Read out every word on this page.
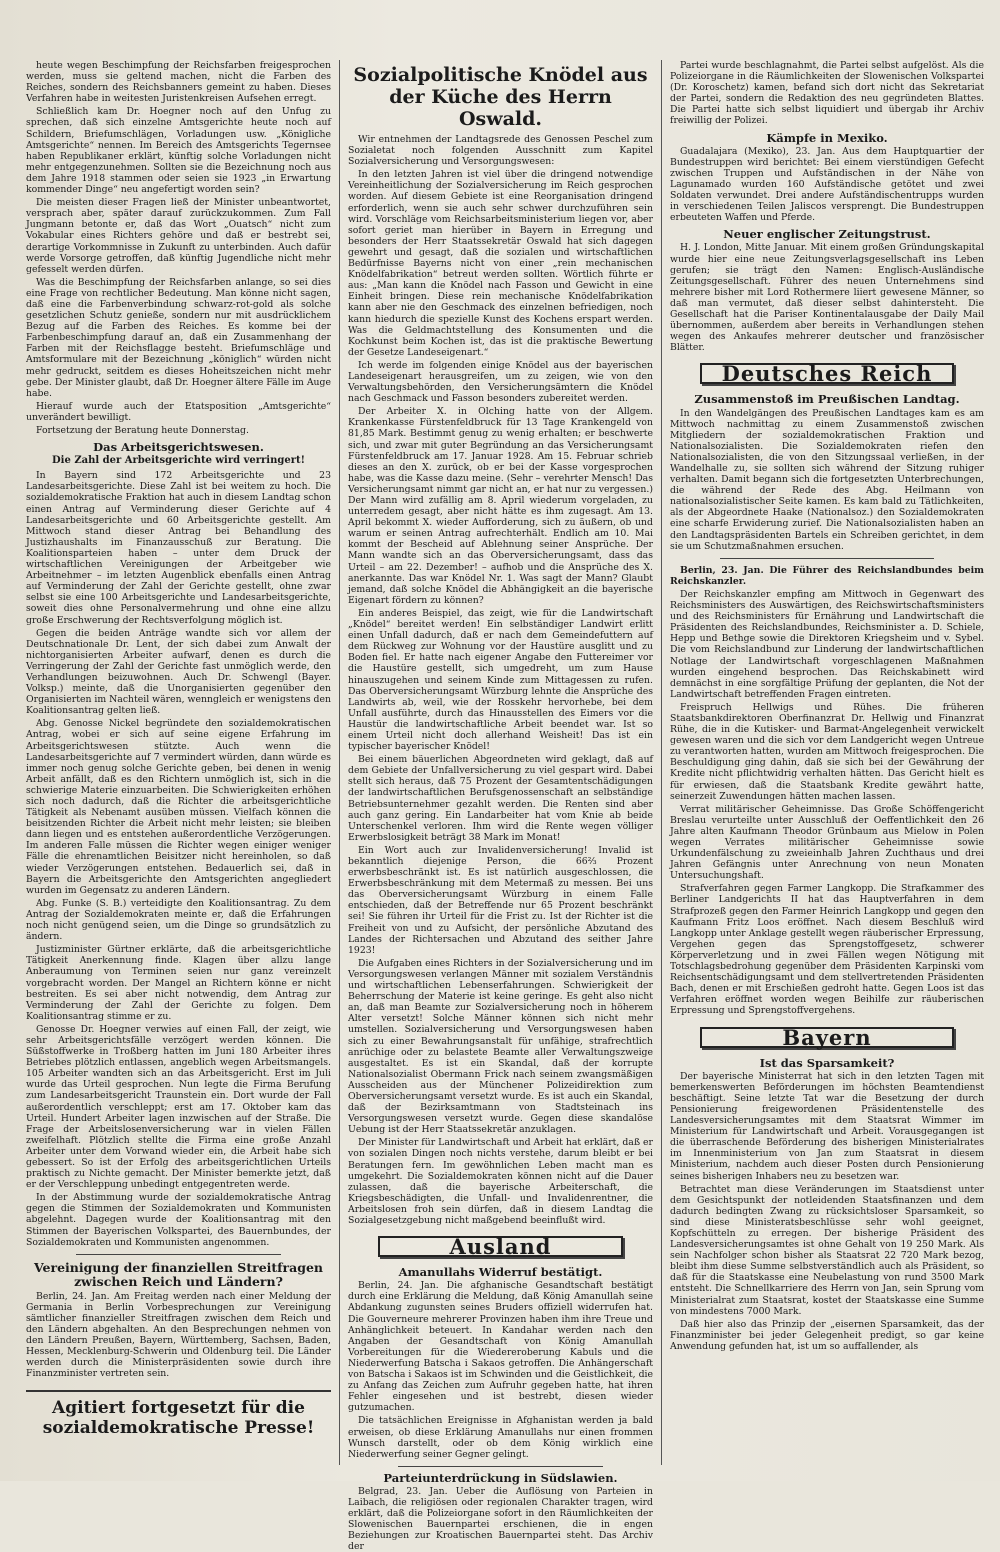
heute wegen Beschimpfung der Reichsfarben freigesprochen werden, muss sie geltend machen, nicht die Farben des Reiches, sondern des Reichsbanners gemeint zu haben. Dieses Verfahren habe in weitesten Juristenkreisen Aufsehen erregt.

Schließlich kam Dr. Hoegner noch auf den Unfug zu sprechen, daß sich einzelne Amtsgerichte heute noch auf Schildern, Briefumschlägen, Vorladungen usw. „Königliche Amtsgerichte“ nennen. Im Bereich des Amtsgerichts Tegernsee haben Republikaner erklärt, künftig solche Vorladungen nicht mehr entgegenzunehmen. Sollten sie die Bezeichnung noch aus dem Jahre 1918 stammen oder seien sie 1923 „in Erwartung kommender Dinge“ neu angefertigt worden sein?

Die meisten dieser Fragen ließ der Minister unbeantwortet, versprach aber, später darauf zurückzukommen. Zum Fall Jungmann betonte er, daß das Wort „Ouatsch“ nicht zum Vokabular eines Richters gehöre und daß er bestrebt sei, derartige Vorkommnisse in Zukunft zu unterbinden. Auch dafür werde Vorsorge getroffen, daß künftig Jugendliche nicht mehr gefesselt werden dürfen.

Was die Beschimpfung der Reichsfarben anlange, so sei dies eine Frage von rechtlicher Bedeutung. Man könne nicht sagen, daß eine die Farbenverbindung schwarz-rot-gold als solche gesetzlichen Schutz genieße, sondern nur mit ausdrücklichem Bezug auf die Farben des Reiches. Es komme bei der Farbenbeschimpfung darauf an, daß ein Zusammenhang der Farben mit der Reichsflagge besteht. Briefumschläge und Amtsformulare mit der Bezeichnung „königlich“ würden nicht mehr gedruckt, seitdem es dieses Hoheitszeichen nicht mehr gebe. Der Minister glaubt, daß Dr. Hoegner ältere Fälle im Auge habe.

Hierauf wurde auch der Etatsposition „Amtsgerichte“ unverändert bewilligt.

Fortsetzung der Beratung heute Donnerstag.

Das Arbeitsgerichtswesen.
Die Zahl der Arbeitsgerichte wird verringert!

In Bayern sind 172 Arbeitsgerichte und 23 Landesarbeitsgerichte. Diese Zahl ist bei weitem zu hoch. Die sozialdemokratische Fraktion hat auch in diesem Landtag schon einen Antrag auf Verminderung dieser Gerichte auf 4 Landesarbeitsgerichte und 60 Arbeitsgerichte gestellt. Am Mittwoch stand dieser Antrag bei Behandlung des Justizhaushalts im Finanzausschuß zur Beratung. Die Koalitionsparteien haben – unter dem Druck der wirtschaftlichen Vereinigungen der Arbeitgeber wie Arbeitnehmer – im letzten Augenblick ebenfalls einen Antrag auf Verminderung der Zahl der Gerichte gestellt, ohne zwar selbst sie eine 100 Arbeitsgerichte und Landesarbeitsgerichte, soweit dies ohne Personalvermehrung und ohne eine allzu große Erschwerung der Rechtsverfolgung möglich ist.

Gegen die beiden Anträge wandte sich vor allem der Deutschnationale Dr. Lent, der sich dabei zum Anwalt der nichtorganisierten Arbeiter aufwarf, denen es durch die Verringerung der Zahl der Gerichte fast unmöglich werde, den Verhandlungen beizuwohnen. Auch Dr. Schwengl (Bayer. Volksp.) meinte, daß die Unorganisierten gegenüber den Organisierten im Nachteil wären, wenngleich er wenigstens den Koalitionsantrag gelten ließ.

Abg. Genosse Nickel begründete den sozialdemokratischen Antrag, wobei er sich auf seine eigene Erfahrung im Arbeitsgerichtswesen stützte. Auch wenn die Landesarbeitsgerichte auf 7 vermindert würden, dann würde es immer noch genug solche Gerichte geben, bei denen in wenig Arbeit anfällt, daß es den Richtern unmöglich ist, sich in die schwierige Materie einzuarbeiten. Die Schwierigkeiten erhöhen sich noch dadurch, daß die Richter die arbeitsgerichtliche Tätigkeit als Nebenamt ausüben müssen. Vielfach können die beisitzenden Richter die Arbeit nicht mehr leisten; sie bleiben dann liegen und es entstehen außerordentliche Verzögerungen. Im anderen Falle müssen die Richter wegen einiger weniger Fälle die ehrenamtlichen Beisitzer nicht hereinholen, so daß wieder Verzögerungen entstehen. Bedauerlich sei, daß in Bayern die Arbeitsgerichte den Amtsgerichten angegliedert wurden im Gegensatz zu anderen Ländern.

Abg. Funke (S. B.) verteidigte den Koalitionsantrag. Zu dem Antrag der Sozialdemokraten meinte er, daß die Erfahrungen noch nicht genügend seien, um die Dinge so grundsätzlich zu ändern.

Justizminister Gürtner erklärte, daß die arbeitsgerichtliche Tätigkeit Anerkennung finde. Klagen über allzu lange Anberaumung von Terminen seien nur ganz vereinzelt vorgebracht worden. Der Mangel an Richtern könne er nicht bestreiten. Es sei aber nicht notwendig, dem Antrag zur Verminderung der Zahl der Gerichte zu folgen. Dem Koalitionsantrag stimme er zu.

Genosse Dr. Hoegner verwies auf einen Fall, der zeigt, wie sehr Arbeitsgerichtsfälle verzögert werden können. Die Süßstoffwerke in Troßberg hatten im Juni 180 Arbeiter ihres Betriebes plötzlich entlassen, angeblich wegen Arbeitsmangels. 105 Arbeiter wandten sich an das Arbeitsgericht. Erst im Juli wurde das Urteil gesprochen. Nun legte die Firma Berufung zum Landesarbeitsgericht Traunstein ein. Dort wurde der Fall außerordentlich verschleppt; erst am 17. Oktober kam das Urteil. Hundert Arbeiter lagen inzwischen auf der Straße. Die Frage der Arbeitslosenversicherung war in vielen Fällen zweifelhaft. Plötzlich stellte die Firma eine große Anzahl Arbeiter unter dem Vorwand wieder ein, die Arbeit habe sich gebessert. So ist der Erfolg des arbeitsgerichtlichen Urteils praktisch zu Nichte gemacht. Der Minister bemerkte jetzt, daß er der Verschleppung unbedingt entgegentreten werde.

In der Abstimmung wurde der sozialdemokratische Antrag gegen die Stimmen der Sozialdemokraten und Kommunisten abgelehnt. Dagegen wurde der Koalitionsantrag mit den Stimmen der Bayerischen Volkspartei, des Bauernbundes, der Sozialdemokraten und Kommunisten angenommen.

Vereinigung der finanziellen Streitfragen zwischen Reich und Ländern?

Berlin, 24. Jan. Am Freitag werden nach einer Meldung der Germania in Berlin Vorbesprechungen zur Vereinigung sämtlicher finanzieller Streitfragen zwischen dem Reich und den Ländern abgehalten. An den Besprechungen nehmen von den Ländern Preußen, Bayern, Württemberg, Sachsen, Baden, Hessen, Mecklenburg-Schwerin und Oldenburg teil. Die Länder werden durch die Ministerpräsidenten sowie durch ihre Finanzminister vertreten sein.

Agitiert fortgesetzt für die sozialdemokratische Presse!
Sozialpolitische Knödel aus der Küche des Herrn Oswald.

Wir entnehmen der Landtagsrede des Genossen Peschel zum Sozialetat noch folgenden Ausschnitt zum Kapitel Sozialversicherung und Versorgungswesen:

In den letzten Jahren ist viel über die dringend notwendige Vereinheitlichung der Sozialversicherung im Reich gesprochen worden. Auf diesem Gebiete ist eine Reorganisation dringend erforderlich, wenn sie auch sehr schwer durchzuführen sein wird. Vorschläge vom Reichsarbeitsministerium liegen vor, aber sofort geriet man hierüber in Bayern in Erregung und besonders der Herr Staatssekretär Oswald hat sich dagegen gewehrt und gesagt, daß die sozialen und wirtschaftlichen Bedürfnisse Bayerns nicht von einer „rein mechanischen Knödelfabrikation“ betreut werden sollten. Wörtlich führte er aus: „Man kann die Knödel nach Fasson und Gewicht in eine Einheit bringen. Diese rein mechanische Knödelfabrikation kann aber nie den Geschmack des einzelnen befriedigen, noch kann hiedurch die spezielle Kunst des Kochens erspart werden. Was die Geldmachtstellung des Konsumenten und die Kochkunst beim Kochen ist, das ist die praktische Bewertung der Gesetze Landeseigenart.“

Ich werde im folgenden einige Knödel aus der bayerischen Landeseigenart herausgreifen, um zu zeigen, wie von den Verwaltungsbehörden, den Versicherungsämtern die Knödel nach Geschmack und Fasson besonders zubereitet werden.

Der Arbeiter X. in Olching hatte von der Allgem. Krankenkasse Fürstenfeldbruck für 13 Tage Krankengeld von 81,85 Mark. Bestimmt genug zu wenig erhalten; er beschwerte sich, und zwar mit guter Begründung an das Versicherungsamt Fürstenfeldbruck am 17. Januar 1928. Am 15. Februar schrieb dieses an den X. zurück, ob er bei der Kasse vorgesprochen habe, was die Kasse dazu meine. (Sehr – verehrter Mensch! Das Versicherungsamt nimmt gar nicht an, er hat nur zu vergessen.) Der Mann wird zufällig am 8. April wiederum vorgeladen, zu unterredem gesagt, aber nicht hätte es ihm zugesagt. Am 13. April bekommt X. wieder Aufforderung, sich zu äußern, ob und warum er seinen Antrag aufrechterhält. Endlich am 10. Mai kommt der Bescheid auf Ablehnung seiner Ansprüche. Der Mann wandte sich an das Oberversicherungsamt, dass das Urteil – am 22. Dezember! – aufhob und die Ansprüche des X. anerkannte. Das war Knödel Nr. 1. Was sagt der Mann? Glaubt jemand, daß solche Knödel die Abhängigkeit an die bayerische Eigenart fördern zu können?

Ein anderes Beispiel, das zeigt, wie für die Landwirtschaft „Knödel“ bereitet werden! Ein selbständiger Landwirt erlitt einen Unfall dadurch, daß er nach dem Gemeindefuttern auf dem Rückweg zur Wohnung vor der Haustüre ausglitt und zu Boden fiel. Er hatte nach eigener Angabe den Futtereimer vor die Haustüre gestellt, sich umgedreht, um zum Hause hinauszugehen und seinem Kinde zum Mittagessen zu rufen. Das Oberversicherungsamt Würzburg lehnte die Ansprüche des Landwirts ab, weil, wie der Rosskehr hervorhebe, bei dem Unfall ausführte, durch das Hinausstellen des Eimers vor die Haustür die landwirtschaftliche Arbeit beendet war. Ist so einem Urteil nicht doch allerhand Weisheit! Das ist ein typischer bayerischer Knödel!

Bei einem bäuerlichen Abgeordneten wird geklagt, daß auf dem Gebiete der Unfallversicherung zu viel gespart wird. Dabei stellt sich heraus, daß 75 Prozent der Gesamtentschädigungen der landwirtschaftlichen Berufsgenossenschaft an selbständige Betriebsunternehmer gezahlt werden. Die Renten sind aber auch ganz gering. Ein Landarbeiter hat vom Knie ab beide Unterschenkel verloren. Ihm wird die Rente wegen völliger Erwerbslosigkeit beträgt 38 Mark im Monat!

Ein Wort auch zur Invalidenversicherung! Invalid ist bekanntlich diejenige Person, die 66⅔ Prozent erwerbsbeschränkt ist. Es ist natürlich ausgeschlossen, die Erwerbsbeschränkung mit dem Metermaß zu messen. Bei uns das Oberversicherungsamt Würzburg in einem Falle entschieden, daß der Betreffende nur 65 Prozent beschränkt sei! Sie führen ihr Urteil für die Frist zu. Ist der Richter ist die Freiheit von und zu Aufsicht, der persönliche Abzutand des Landes der Richtersachen und Abzutand des seither Jahre 1923!

Die Aufgaben eines Richters in der Sozialversicherung und im Versorgungswesen verlangen Männer mit sozialem Verständnis und wirtschaftlichen Lebenserfahrungen. Schwierigkeit der Beherrschung der Materie ist keine geringe. Es geht also nicht an, daß man Beamte zur Sozialversicherung noch in höherem Alter versetzt! Solche Männer können sich nicht mehr umstellen. Sozialversicherung und Versorgungswesen haben sich zu einer Bewahrungsanstalt für unfähige, strafrechtlich anrüchige oder zu belastete Beamte aller Verwaltungszweige ausgestaltet. Es ist ein Skandal, daß der korrupte Nationalsozialist Obermann Frick nach seinem zwangsmäßigen Ausscheiden aus der Münchener Polizeidirektion zum Oberversicherungsamt versetzt wurde. Es ist auch ein Skandal, daß der Bezirksamtmann von Stadtsteinach ins Versorgungswesen versetzt wurde. Gegen diese skandalöse Uebung ist der Herr Staatssekretär anzuklagen.

Der Minister für Landwirtschaft und Arbeit hat erklärt, daß er von sozialen Dingen noch nichts verstehe, darum bleibt er bei Beratungen fern. Im gewöhnlichen Leben macht man es umgekehrt. Die Sozialdemokraten können nicht auf die Dauer zulassen, daß die bayerische Arbeiterschaft, die Kriegsbeschädigten, die Unfall- und Invalidenrentner, die Arbeitslosen froh sein dürfen, daß in diesem Landtag die Sozialgesetzgebung nicht maßgebend beeinflußt wird.

Ausland
Amanullahs Widerruf bestätigt.

Berlin, 24. Jan. Die afghanische Gesandtschaft bestätigt durch eine Erklärung die Meldung, daß König Amanullah seine Abdankung zugunsten seines Bruders offiziell widerrufen hat. Die Gouverneure mehrerer Provinzen haben ihm ihre Treue und Anhänglichkeit beteuert. In Kandahar werden nach den Angaben der Gesandtschaft von König Amanullah Vorbereitungen für die Wiedereroberung Kabuls und die Niederwerfung Batscha i Sakaos getroffen. Die Anhängerschaft von Batscha i Sakaos ist im Schwinden und die Geistlichkeit, die zu Anfang das Zeichen zum Aufruhr gegeben hatte, hat ihren Fehler eingesehen und ist bestrebt, diesen wieder gutzumachen.

Die tatsächlichen Ereignisse in Afghanistan werden ja bald erweisen, ob diese Erklärung Amanullahs nur einen frommen Wunsch darstellt, oder ob dem König wirklich eine Niederwerfung seiner Gegner gelingt.

Parteiunterdrückung in Südslawien.

Belgrad, 23. Jan. Ueber die Auflösung von Parteien in Laibach, die religiösen oder regionalen Charakter tragen, wird erklärt, daß die Polizeiorgane sofort in den Räumlichkeiten der Slowenischen Bauernpartei erschienen, die in engen Beziehungen zur Kroatischen Bauernpartei steht. Das Archiv der

Partei wurde beschlagnahmt, die Partei selbst aufgelöst. Als die Polizeiorgane in die Räumlichkeiten der Slowenischen Volkspartei (Dr. Koroschetz) kamen, befand sich dort nicht das Sekretariat der Partei, sondern die Redaktion des neu gegründeten Blattes. Die Partei hatte sich selbst liquidiert und übergab ihr Archiv freiwillig der Polizei.

Kämpfe in Mexiko.

Guadalajara (Mexiko), 23. Jan. Aus dem Hauptquartier der Bundestruppen wird berichtet: Bei einem vierstündigen Gefecht zwischen Truppen und Aufständischen in der Nähe von Lagunamado wurden 160 Aufständische getötet und zwei Soldaten verwundet. Drei andere Aufständischentrupps wurden in verschiedenen Teilen Jaliscos versprengt. Die Bundestruppen erbeuteten Waffen und Pferde.

Neuer englischer Zeitungstrust.

H. J. London, Mitte Januar. Mit einem großen Gründungskapital wurde hier eine neue Zeitungsverlagsgesellschaft ins Leben gerufen; sie trägt den Namen: Englisch-Ausländische Zeitungsgesellschaft. Führer des neuen Unternehmens sind mehrere bisher mit Lord Rothermere liiert gewesene Männer, so daß man vermutet, daß dieser selbst dahintersteht. Die Gesellschaft hat die Pariser Kontinentalausgabe der Daily Mail übernommen, außerdem aber bereits in Verhandlungen stehen wegen des Ankaufes mehrerer deutscher und französischer Blätter.

Deutsches Reich
Zusammenstoß im Preußischen Landtag.

In den Wandelgängen des Preußischen Landtages kam es am Mittwoch nachmittag zu einem Zusammenstoß zwischen Mitgliedern der sozialdemokratischen Fraktion und Nationalsozialisten. Die Sozialdemokraten riefen den Nationalsozialisten, die von den Sitzungssaal verließen, in der Wandelhalle zu, sie sollten sich während der Sitzung ruhiger verhalten. Damit begann sich die fortgesetzten Unterbrechungen, die während der Rede des Abg. Heilmann von nationalsozialistischer Seite kamen. Es kam bald zu Tätlichkeiten, als der Abgeordnete Haake (Nationalsoz.) den Sozialdemokraten eine scharfe Erwiderung zurief. Die Nationalsozialisten haben an den Landtagspräsidenten Bartels ein Schreiben gerichtet, in dem sie um Schutzmaßnahmen ersuchen.

Berlin, 23. Jan. Die Führer des Reichslandbundes beim Reichskanzler.

Der Reichskanzler empfing am Mittwoch in Gegenwart des Reichsministers des Auswärtigen, des Reichswirtschaftsministers und des Reichsministers für Ernährung und Landwirtschaft die Präsidenten des Reichslandbundes, Reichsminister a. D. Schiele, Hepp und Bethge sowie die Direktoren Kriegsheim und v. Sybel. Die vom Reichslandbund zur Linderung der landwirtschaftlichen Notlage der Landwirtschaft vorgeschlagenen Maßnahmen wurden eingehend besprochen. Das Reichskabinett wird demnächst in eine sorgfältige Prüfung der geplanten, die Not der Landwirtschaft betreffenden Fragen eintreten.

Freispruch Hellwigs und Rühes. Die früheren Staatsbankdirektoren Oberfinanzrat Dr. Hellwig und Finanzrat Rühe, die in die Kutisker- und Barmat-Angelegenheit verwickelt gewesen waren und die sich vor dem Landgericht wegen Untreue zu verantworten hatten, wurden am Mittwoch freigesprochen. Die Beschuldigung ging dahin, daß sie sich bei der Gewährung der Kredite nicht pflichtwidrig verhalten hätten. Das Gericht hielt es für erwiesen, daß die Staatsbank Kredite gewährt hatte, seinerzeit Zuwendungen hätten machen lassen.

Verrat militärischer Geheimnisse. Das Große Schöffengericht Breslau verurteilte unter Ausschluß der Oeffentlichkeit den 26 Jahre alten Kaufmann Theodor Grünbaum aus Mielow in Polen wegen Verrates militärischer Geheimnisse sowie Urkundenfälschung zu zweieinhalb Jahren Zuchthaus und drei Jahren Gefängnis unter Anrechnung von neun Monaten Untersuchungshaft.

Strafverfahren gegen Farmer Langkopp. Die Strafkammer des Berliner Landgerichts II hat das Hauptverfahren in dem Strafprozeß gegen den Farmer Heinrich Langkopp und gegen den Kaufmann Fritz Loos eröffnet. Nach diesem Beschluß wird Langkopp unter Anklage gestellt wegen räuberischer Erpressung, Vergehen gegen das Sprengstoffgesetz, schwerer Körperverletzung und in zwei Fällen wegen Nötigung mit Totschlagsbedrohung gegenüber dem Präsidenten Karpinski vom Reichsentschädigungsamt und dem stellvertretenden Präsidenten Bach, denen er mit Erschießen gedroht hatte. Gegen Loos ist das Verfahren eröffnet worden wegen Beihilfe zur räuberischen Erpressung und Sprengstoffvergehens.

Bayern
Ist das Sparsamkeit?

Der bayerische Ministerrat hat sich in den letzten Tagen mit bemerkenswerten Beförderungen im höchsten Beamtendienst beschäftigt. Seine letzte Tat war die Besetzung der durch Pensionierung freigewordenen Präsidentenstelle des Landesversicherungsamtes mit dem Staatsrat Wimmer im Ministerium für Landwirtschaft und Arbeit. Vorausgegangen ist die überraschende Beförderung des bisherigen Ministerialrates im Innenministerium von Jan zum Staatsrat in diesem Ministerium, nachdem auch dieser Posten durch Pensionierung seines bisherigen Inhabers neu zu besetzen war.

Betrachtet man diese Veränderungen im Staatsdienst unter dem Gesichtspunkt der notleidenden Staatsfinanzen und dem dadurch bedingten Zwang zu rücksichtsloser Sparsamkeit, so sind diese Ministeratsbeschlüsse sehr wohl geeignet, Kopfschütteln zu erregen. Der bisherige Präsident des Landesversicherungsamtes ist ohne Gehalt von 19 250 Mark. Als sein Nachfolger schon bisher als Staatsrat 22 720 Mark bezog, bleibt ihm diese Summe selbstverständlich auch als Präsident, so daß für die Staatskasse eine Neubelastung von rund 3500 Mark entsteht. Die Schnellkarriere des Herrn von Jan, sein Sprung vom Ministerialrat zum Staatsrat, kostet der Staatskasse eine Summe von mindestens 7000 Mark.

Daß hier also das Prinzip der „eisernen Sparsamkeit, das der Finanzminister bei jeder Gelegenheit predigt, so gar keine Anwendung gefunden hat, ist um so auffallender, als
